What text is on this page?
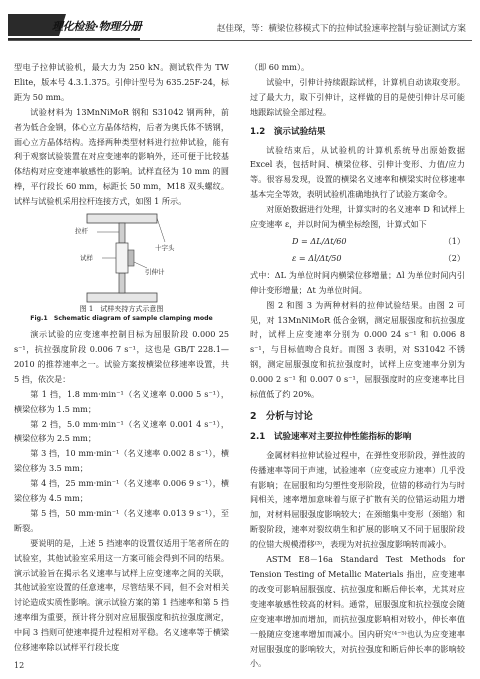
理化检验·物理分册	赵佳琛，等：横梁位移模式下的拉伸试验速率控制与验证测试方案

型电子拉伸试验机，最大力为 250 kN。测试软件为 TW Elite，版本号 4.3.1.375。引伸计型号为 635.25F-24，标距为 50 mm。

试验材料为 13MnNiMoR 钢和 S31042 钢两种，前者为低合金钢，体心立方晶体结构，后者为奥氏体不锈钢，面心立方晶体结构。选择两种类型材料进行拉伸试验，能有利于观察试验装置在对应变速率的影响外，还可便于比较基体结构对应变速率敏感性的影响。试样直径为 10 mm 的圆棒，平行段长 60 mm，标距长 50 mm，M18 双头螺纹。试样与试验机采用拉杆连接方式，如图 1 所示。

拉杆
十字头
试样
引伸计
图 1　试样夹持方式示意图
Fig.1　Schematic diagram of sample clamping mode

演示试验的应变速率控制目标为屈服阶段 0.000 25 s⁻¹，抗拉强度阶段 0.006 7 s⁻¹，这也是 GB/T 228.1—2010 的推荐速率之一。试验方案按横梁位移速率设置，共 5 挡，依次是：

第 1 挡，1.8 mm·min⁻¹（名义速率 0.000 5 s⁻¹），横梁位移为 1.5 mm；

第 2 挡，5.0 mm·min⁻¹（名义速率 0.001 4 s⁻¹），横梁位移为 2.5 mm；

第 3 挡，10 mm·min⁻¹（名义速率 0.002 8 s⁻¹），横梁位移为 3.5 mm；

第 4 挡，25 mm·min⁻¹（名义速率 0.006 9 s⁻¹），横梁位移为 4.5 mm；

第 5 挡，50 mm·min⁻¹（名义速率 0.013 9 s⁻¹），至断裂。

要说明的是，上述 5 挡速率的设置仅适用于笔者所在的试验室，其他试验室采用这一方案可能会得到不同的结果。演示试验旨在揭示名义速率与试样上应变速率之间的关联，其他试验室设置的任意速率，尽管结果不同，但不会对相关讨论造成实质性影响。演示试验方案的第 1 挡速率和第 5 挡速率细为重要，预计将分别对应屈服强度和抗拉强度测定，中间 3 挡则可使速率提升过程相对平稳。名义速率等于横梁位移速率除以试样平行段长度

（即 60 mm）。

试验中，引伸计持续跟踪试样，计算机自动读取变形。过了最大力，取下引伸计，这样做的目的是使引伸计尽可能地跟踪试验全部过程。

1.2　演示试验结果

试验结束后，从试验机的计算机系统导出原始数据 Excel 表，包括时间、横梁位移、引伸计变形、力值/应力等。很容易发现，设置的横梁名义速率和横梁实时位移速率基本完全等效，表明试验机准确地执行了试验方案命令。

对原始数据进行处理，计算实时的名义速率 D 和试样上应变速率 ε，并以时间为横坐标绘图，计算式如下

D = ΔL/Δt/60	（1）
ε = Δl/Δt/50	（2）

式中：ΔL 为单位时间内横梁位移增量；Δl 为单位时间内引伸计变形增量；Δt 为单位时间。

图 2 和图 3 为两种材料的拉伸试验结果。由图 2 可见，对 13MnNiMoR 低合金钢，测定屈服强度和抗拉强度时，试样上应变速率分别为 0.000 24 s⁻¹ 和 0.006 8 s⁻¹，与目标值吻合良好。而图 3 表明，对 S31042 不锈钢，测定屈服强度和抗拉强度时，试样上应变速率分别为 0.000 2 s⁻¹ 和 0.007 0 s⁻¹，屈服强度时的应变速率比目标值低了约 20%。

2　分析与讨论
2.1　试验速率对主要拉伸性能指标的影响

金属材料拉伸试验过程中，在弹性变形阶段，弹性波的传播速率等同于声速，试验速率（应变或应力速率）几乎没有影响；在屈服和均匀塑性变形阶段，位错的移动行为与时间相关，速率增加意味着与原子扩散有关的位错运动阻力增加，对材料屈服强度影响较大；在颈缩集中变形（颈缩）和断裂阶段，速率对裂纹萌生和扩展的影响又不同于屈服阶段的位错大规模滑移⁽³⁾，表现为对抗拉强度影响转而减小。

ASTM E8－16a Standard Test Methods for Tension Testing of Metallic Materials 指出，应变速率的改变可影响屈服强度、抗拉强度和断后伸长率，尤其对应变速率敏感性较高的材料。通常，屈服强度和抗拉强度会随应变速率增加而增加，而抗拉强度影响相对较小，伸长率值一般随应变速率增加而减小。国内研究⁽⁴⁻⁵⁾也认为应变速率对屈服强度的影响较大，对抗拉强度和断后伸长率的影响较小。

12
